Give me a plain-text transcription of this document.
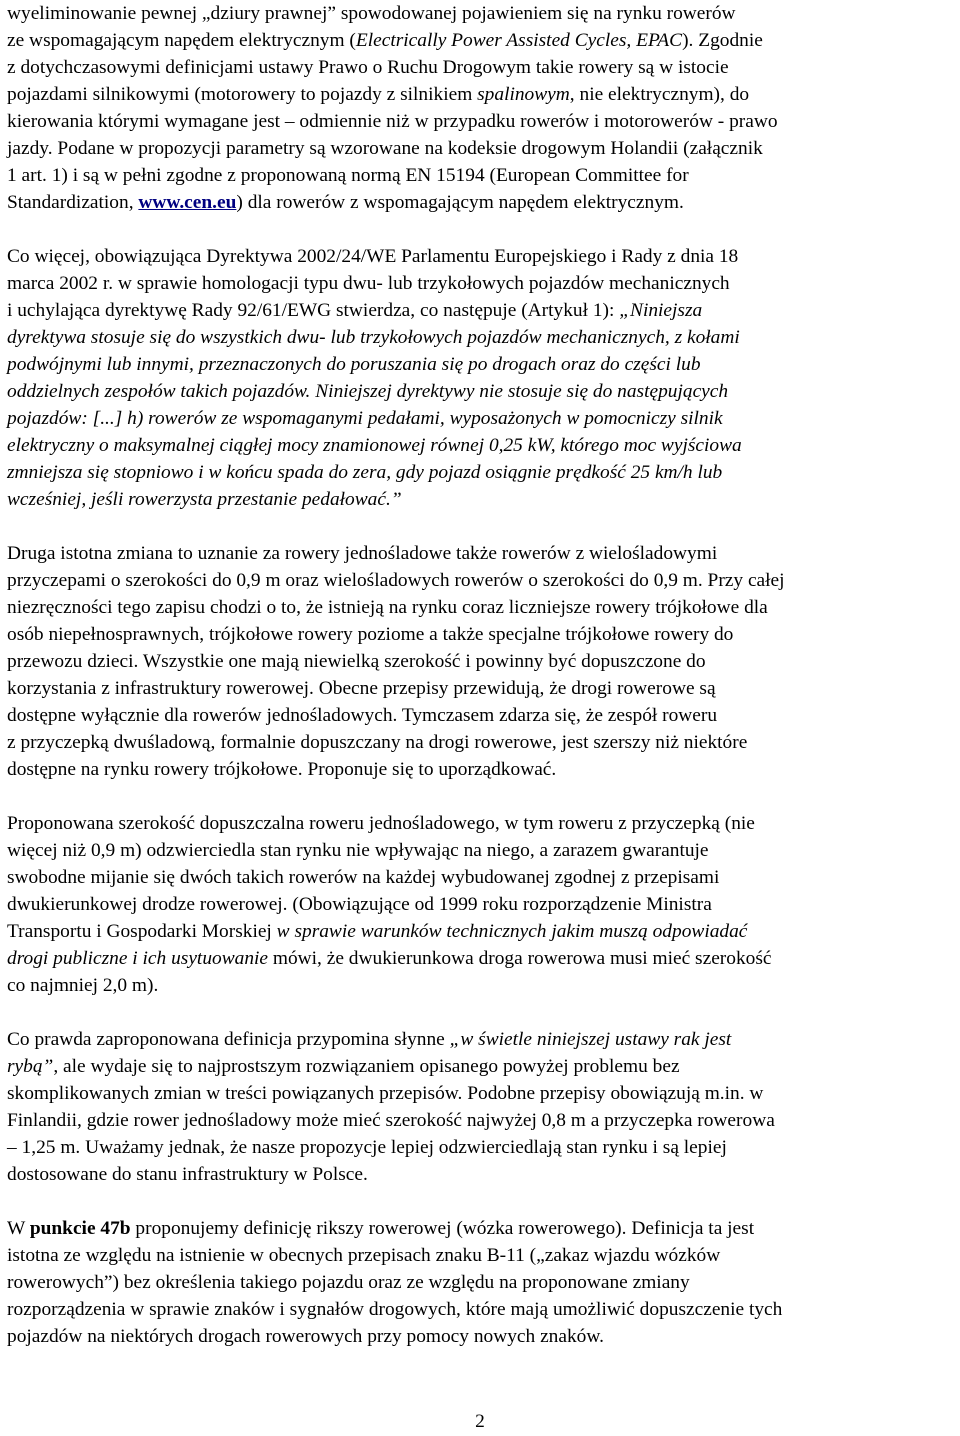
wyeliminowanie pewnej „dziury prawnej” spowodowanej pojawieniem się na rynku rowerów
ze wspomagającym napędem elektrycznym (Electrically Power Assisted Cycles, EPAC). Zgodnie
z dotychczasowymi definicjami ustawy Prawo o Ruchu Drogowym takie rowery są w istocie
pojazdami silnikowymi (motorowery to pojazdy z silnikiem spalinowym, nie elektrycznym), do
kierowania którymi wymagane jest – odmiennie niż w przypadku rowerów i motorowerów - prawo
jazdy. Podane w propozycji parametry są wzorowane na kodeksie drogowym Holandii (załącznik
1 art. 1) i są w pełni zgodne z proponowaną normą EN 15194 (European Committee for
Standardization, www.cen.eu) dla rowerów z wspomagającym napędem elektrycznym.
Co więcej, obowiązująca Dyrektywa 2002/24/WE Parlamentu Europejskiego i Rady z dnia 18
marca 2002 r. w sprawie homologacji typu dwu- lub trzykołowych pojazdów mechanicznych
i uchylająca dyrektywę Rady 92/61/EWG stwierdza, co następuje (Artykuł 1): „Niniejsza
dyrektywa stosuje się do wszystkich dwu- lub trzykołowych pojazdów mechanicznych, z kołami
podwójnymi lub innymi, przeznaczonych do poruszania się po drogach oraz do części lub
oddzielnych zespołów takich pojazdów. Niniejszej dyrektywy nie stosuje się do następujących
pojazdów: [...] h) rowerów ze wspomaganymi pedałami, wyposażonych w pomocniczy silnik
elektryczny o maksymalnej ciągłej mocy znamionowej równej 0,25 kW, którego moc wyjściowa
zmniejsza się stopniowo i w końcu spada do zera, gdy pojazd osiągnie prędkość 25 km/h lub
wcześniej, jeśli rowerzysta przestanie pedałować.”
Druga istotna zmiana to uznanie za rowery jednośladowe także rowerów z wielośladowymi
przyczepami o szerokości do 0,9 m oraz wielośladowych rowerów o szerokości do 0,9 m. Przy całej
niezręczności tego zapisu chodzi o to, że istnieją na rynku coraz liczniejsze rowery trójkołowe dla
osób niepełnosprawnych, trójkołowe rowery poziome a także specjalne trójkołowe rowery do
przewozu dzieci. Wszystkie one mają niewielką szerokość i powinny być dopuszczone do
korzystania z infrastruktury rowerowej. Obecne przepisy przewidują, że drogi rowerowe są
dostępne wyłącznie dla rowerów jednośladowych. Tymczasem zdarza się, że zespół roweru
z przyczepką dwuśladową, formalnie dopuszczany na drogi rowerowe, jest szerszy niż niektóre
dostępne na rynku rowery trójkołowe. Proponuje się to uporządkować.
Proponowana szerokość dopuszczalna roweru jednośladowego, w tym roweru z przyczepką (nie
więcej niż 0,9 m) odzwierciedla stan rynku nie wpływając na niego, a zarazem gwarantuje
swobodne mijanie się dwóch takich rowerów na każdej wybudowanej zgodnej z przepisami
dwukierunkowej drodze rowerowej. (Obowiązujące od 1999 roku rozporządzenie Ministra
Transportu i Gospodarki Morskiej w sprawie warunków technicznych jakim muszą odpowiadać
drogi publiczne i ich usytuowanie mówi, że dwukierunkowa droga rowerowa musi mieć szerokość
co najmniej 2,0 m).
Co prawda zaproponowana definicja przypomina słynne „w świetle niniejszej ustawy rak jest
rybą”, ale wydaje się to najprostszym rozwiązaniem opisanego powyżej problemu bez
skomplikowanych zmian w treści powiązanych przepisów. Podobne przepisy obowiązują m.in. w
Finlandii, gdzie rower jednośladowy może mieć szerokość najwyżej 0,8 m a przyczepka rowerowa
– 1,25 m. Uważamy jednak, że nasze propozycje lepiej odzwierciedlają stan rynku i są lepiej
dostosowane do stanu infrastruktury w Polsce.
W punkcie 47b proponujemy definicję rikszy rowerowej (wózka rowerowego). Definicja ta jest
istotna ze względu na istnienie w obecnych przepisach znaku B-11 („zakaz wjazdu wózków
rowerowych”) bez określenia takiego pojazdu oraz ze względu na proponowane zmiany
rozporządzenia w sprawie znaków i sygnałów drogowych, które mają umożliwić dopuszczenie tych
pojazdów na niektórych drogach rowerowych przy pomocy nowych znaków.
2
